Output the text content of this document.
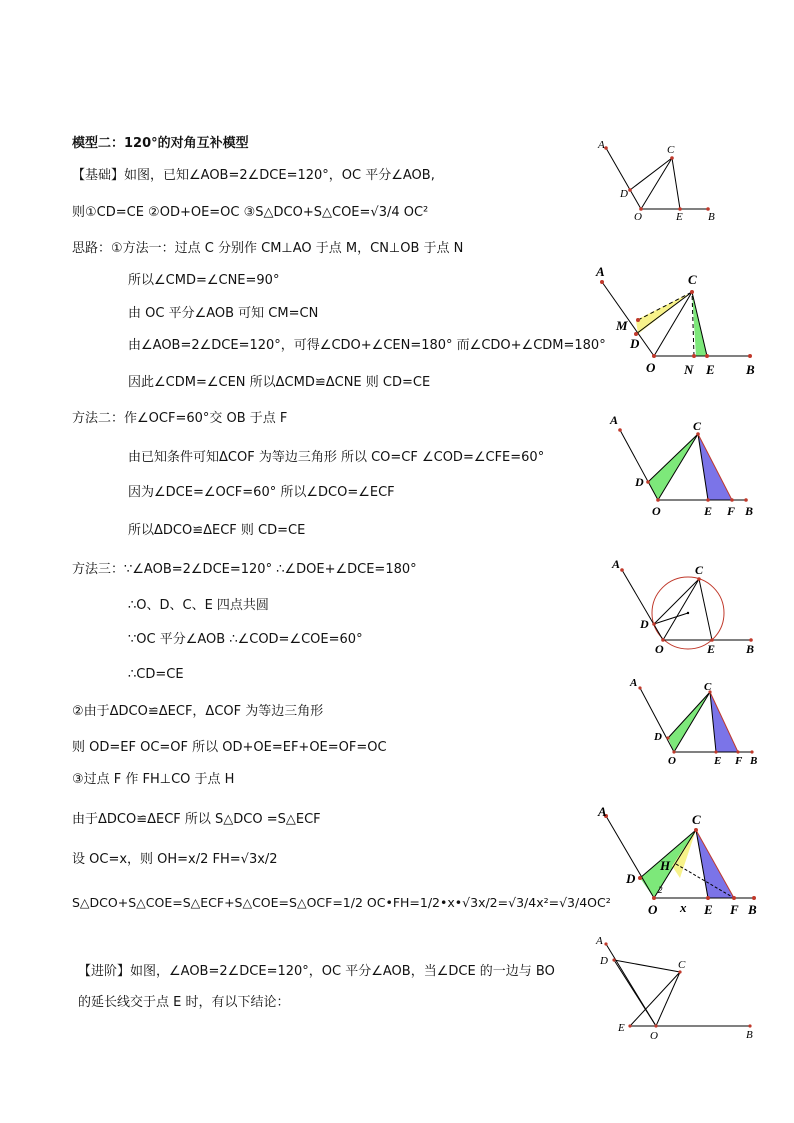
模型二：120°的对角互补模型
【基础】如图，已知∠AOB=2∠DCE=120°，OC 平分∠AOB,
则①CD=CE ②OD+OE=OC ③S△DCO+S△COE=√3/4 OC²
思路：①方法一：过点 C 分别作 CM⊥AO 于点 M，CN⊥OB 于点 N
所以∠CMD=∠CNE=90°
由 OC 平分∠AOB 可知 CM=CN
由∠AOB=2∠DCE=120°，可得∠CDO+∠CEN=180° 而∠CDO+∠CDM=180°
因此∠CDM=∠CEN 所以ΔCMD≌ΔCNE 则 CD=CE
方法二：作∠OCF=60°交 OB 于点 F
由已知条件可知ΔCOF 为等边三角形 所以 CO=CF ∠COD=∠CFE=60°
因为∠DCE=∠OCF=60° 所以∠DCO=∠ECF
所以ΔDCO≌ΔECF 则 CD=CE
方法三：∵∠AOB=2∠DCE=120° ∴∠DOE+∠DCE=180°
∴O、D、C、E 四点共圆
∵OC 平分∠AOB ∴∠COD=∠COE=60°
∴CD=CE
②由于ΔDCO≌ΔECF，ΔCOF 为等边三角形
则 OD=EF OC=OF 所以 OD+OE=EF+OE=OF=OC
③过点 F 作 FH⊥CO 于点 H
由于ΔDCO≌ΔECF 所以 S△DCO =S△ECF
设 OC=x，则 OH=x/2 FH=√3x/2
S△DCO+S△COE=S△ECF+S△COE=S△OCF=1/2 OC•FH=1/2•x•√3x/2=√3/4x²=√3/4OC²
【进阶】如图，∠AOB=2∠DCE=120°，OC 平分∠AOB，当∠DCE 的一边与 BO
的延长线交于点 E 时，有以下结论：
A	C
D
O	E B
A
C
M
D
O N E B
A	C
D
O	E F B
A	C
D
O	E	B
A	C
D
O	E F B
A
C
H
D
O x E F B
2
A
D	C
E
O	B
